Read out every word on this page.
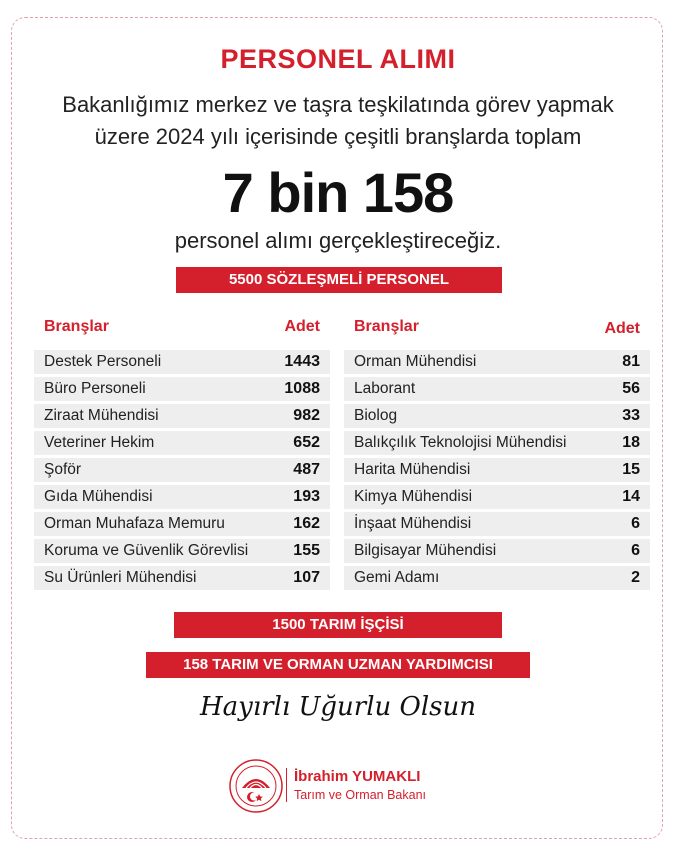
PERSONEL ALIMI
Bakanlığımız merkez ve taşra teşkilatında görev yapmak
üzere 2024 yılı içerisinde çeşitli branşlarda toplam
7 bin 158
personel alımı gerçekleştireceğiz.
5500 SÖZLEŞMELİ PERSONEL
Branşlar	Adet Branşlar	Adet
Destek Personeli	1443
Büro Personeli	1088
Ziraat Mühendisi	982
Veteriner Hekim	652
Şoför	487
Gıda Mühendisi	193
Orman Muhafaza Memuru	162
Koruma ve Güvenlik Görevlisi	155
Su Ürünleri Mühendisi	107
Orman Mühendisi	81
Laborant	56
Biolog	33
Balıkçılık Teknolojisi Mühendisi	18
Harita Mühendisi	15
Kimya Mühendisi	14
İnşaat Mühendisi	6
Bilgisayar Mühendisi	6
Gemi Adamı	2
1500 TARIM İŞÇİSİ
158 TARIM VE ORMAN UZMAN YARDIMCISI
Hayırlı Uğurlu Olsun
İbrahim YUMAKLI
Tarım ve Orman Bakanı
